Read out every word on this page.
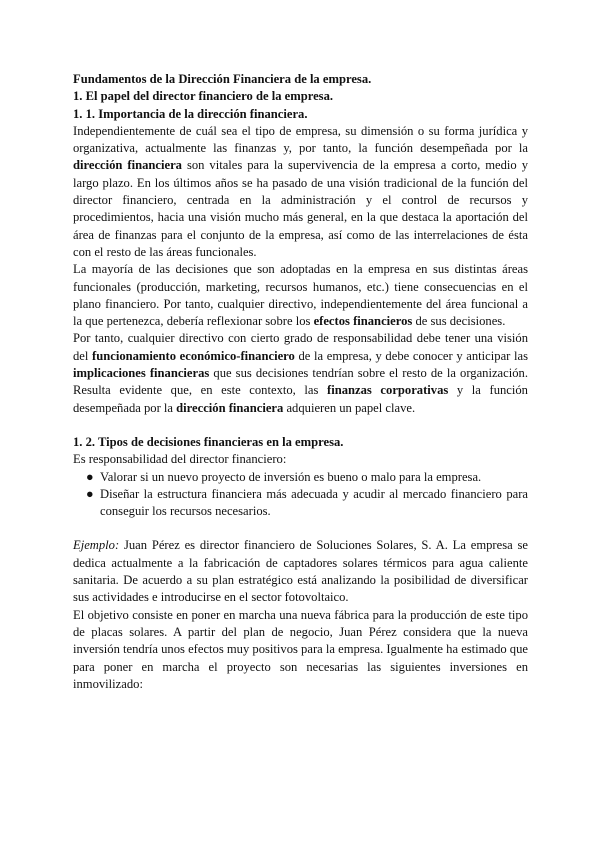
Fundamentos de la Dirección Financiera de la empresa.

1. El papel del director financiero de la empresa.

1. 1. Importancia de la dirección financiera.

Independientemente de cuál sea el tipo de empresa, su dimensión o su forma jurídica y organizativa, actualmente las finanzas y, por tanto, la función desempeñada por la dirección financiera son vitales para la supervivencia de la empresa a corto, medio y largo plazo. En los últimos años se ha pasado de una visión tradicional de la función del director financiero, centrada en la administración y el control de recursos y procedimientos, hacia una visión mucho más general, en la que destaca la aportación del área de finanzas para el conjunto de la empresa, así como de las interrelaciones de ésta con el resto de las áreas funcionales.

La mayoría de las decisiones que son adoptadas en la empresa en sus distintas áreas funcionales (producción, marketing, recursos humanos, etc.) tiene consecuencias en el plano financiero. Por tanto, cualquier directivo, independientemente del área funcional a la que pertenezca, debería reflexionar sobre los efectos financieros de sus decisiones.

Por tanto, cualquier directivo con cierto grado de responsabilidad debe tener una visión del funcionamiento económico-financiero de la empresa, y debe conocer y anticipar las implicaciones financieras que sus decisiones tendrían sobre el resto de la organización. Resulta evidente que, en este contexto, las finanzas corporativas y la función desempeñada por la dirección financiera adquieren un papel clave.

1. 2. Tipos de decisiones financieras en la empresa.

Es responsabilidad del director financiero:

● Valorar si un nuevo proyecto de inversión es bueno o malo para la empresa.
● Diseñar la estructura financiera más adecuada y acudir al mercado financiero para conseguir los recursos necesarios.

Ejemplo: Juan Pérez es director financiero de Soluciones Solares, S. A. La empresa se dedica actualmente a la fabricación de captadores solares térmicos para agua caliente sanitaria. De acuerdo a su plan estratégico está analizando la posibilidad de diversificar sus actividades e introducirse en el sector fotovoltaico.

El objetivo consiste en poner en marcha una nueva fábrica para la producción de este tipo de placas solares. A partir del plan de negocio, Juan Pérez considera que la nueva inversión tendría unos efectos muy positivos para la empresa. Igualmente ha estimado que para poner en marcha el proyecto son necesarias las siguientes inversiones en inmovilizado:
